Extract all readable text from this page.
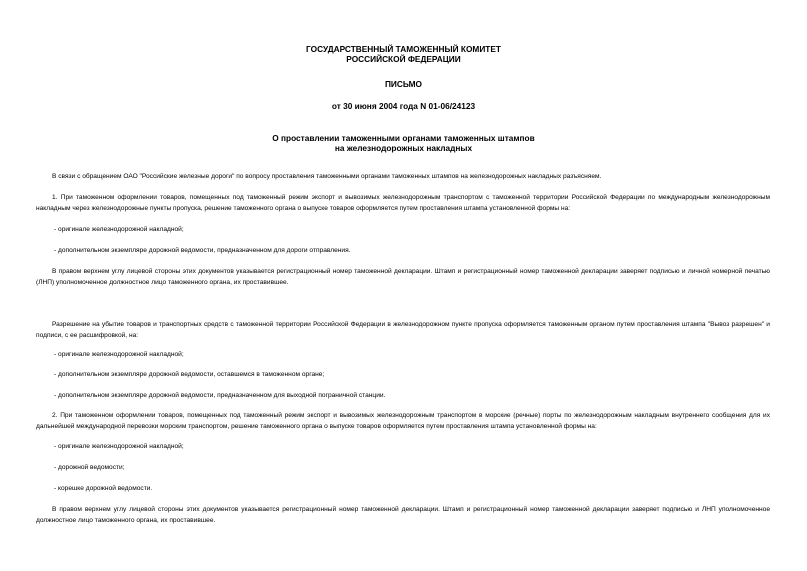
ГОСУДАРСТВЕННЫЙ ТАМОЖЕННЫЙ КОМИТЕТ
РОССИЙСКОЙ ФЕДЕРАЦИИ
ПИСЬМО
от 30 июня 2004 года N 01-06/24123
О проставлении таможенными органами таможенных штампов
на железнодорожных накладных

В связи с обращением ОАО "Российские железные дороги" по вопросу проставления таможенными органами таможенных штампов на железнодорожных накладных разъясняем.

1. При таможенном оформлении товаров, помещенных под таможенный режим экспорт и вывозимых железнодорожным транспортом с таможенной территории Российской Федерации по международным железнодорожным накладным через железнодорожные пункты пропуска, решение таможенного органа о выпуске товаров оформляется путем проставления штампа установленной формы на:

- оригинале железнодорожной накладной;

- дополнительном экземпляре дорожной ведомости, предназначенном для дороги отправления.

В правом верхнем углу лицевой стороны этих документов указывается регистрационный номер таможенной декларации. Штамп и регистрационный номер таможенной декларации заверяет подписью и личной номерной печатью (ЛНП) уполномоченное должностное лицо таможенного органа, их проставившее.

Разрешение на убытие товаров и транспортных средств с таможенной территории Российской Федерации в железнодорожном пункте пропуска оформляется таможенным органом путем проставления штампа "Вывоз разрешен" и подписи, с ее расшифровкой, на:

- оригинале железнодорожной накладной;

- дополнительном экземпляре дорожной ведомости, оставшемся в таможенном органе;

- дополнительном экземпляре дорожной ведомости, предназначенном для выходной пограничной станции.

2. При таможенном оформлении товаров, помещенных под таможенный режим экспорт и вывозимых железнодорожным транспортом в морские (речные) порты по железнодорожным накладным внутреннего сообщения для их дальнейшей международной перевозки морским транспортом, решение таможенного органа о выпуске товаров оформляется путем проставления штампа установленной формы на:

- оригинале железнодорожной накладной;

- дорожной ведомости;

- корешке дорожной ведомости.

В правом верхнем углу лицевой стороны этих документов указывается регистрационный номер таможенной декларации. Штамп и регистрационный номер таможенной декларации заверяет подписью и ЛНП уполномоченное должностное лицо таможенного органа, их проставившее.
